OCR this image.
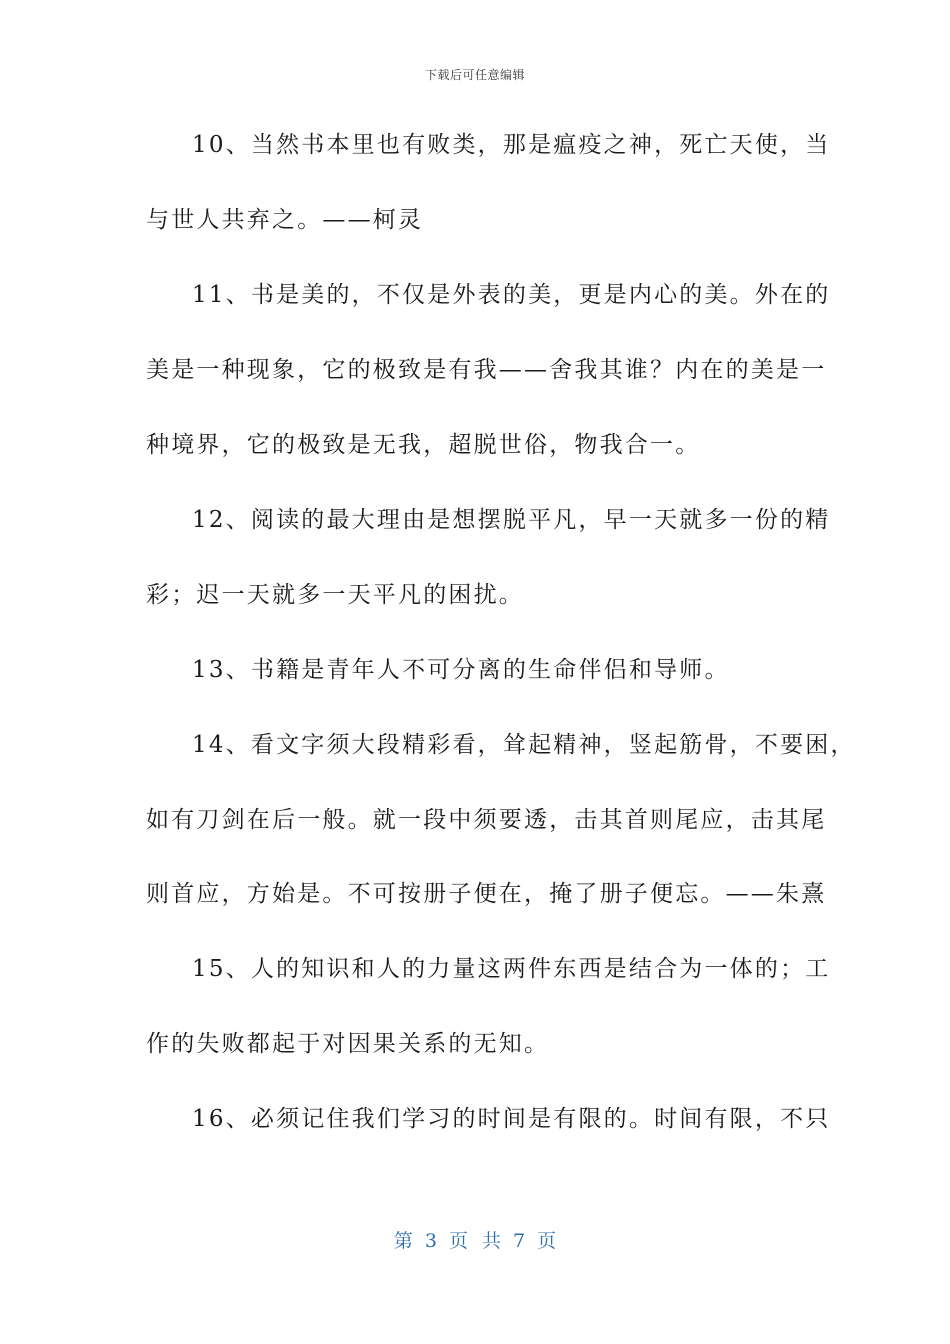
下载后可任意编辑
10、当然书本里也有败类，那是瘟疫之神，死亡天使，当
与世人共弃之。——柯灵
11、书是美的，不仅是外表的美，更是内心的美。外在的
美是一种现象，它的极致是有我——舍我其谁？内在的美是一
种境界，它的极致是无我，超脱世俗，物我合一。
12、阅读的最大理由是想摆脱平凡，早一天就多一份的精
彩；迟一天就多一天平凡的困扰。
13、书籍是青年人不可分离的生命伴侣和导师。
14、看文字须大段精彩看，耸起精神，竖起筋骨，不要困，
如有刀剑在后一般。就一段中须要透，击其首则尾应，击其尾
则首应，方始是。不可按册子便在，掩了册子便忘。——朱熹
15、人的知识和人的力量这两件东西是结合为一体的；工
作的失败都起于对因果关系的无知。
16、必须记住我们学习的时间是有限的。时间有限，不只
第 3 页 共 7 页
